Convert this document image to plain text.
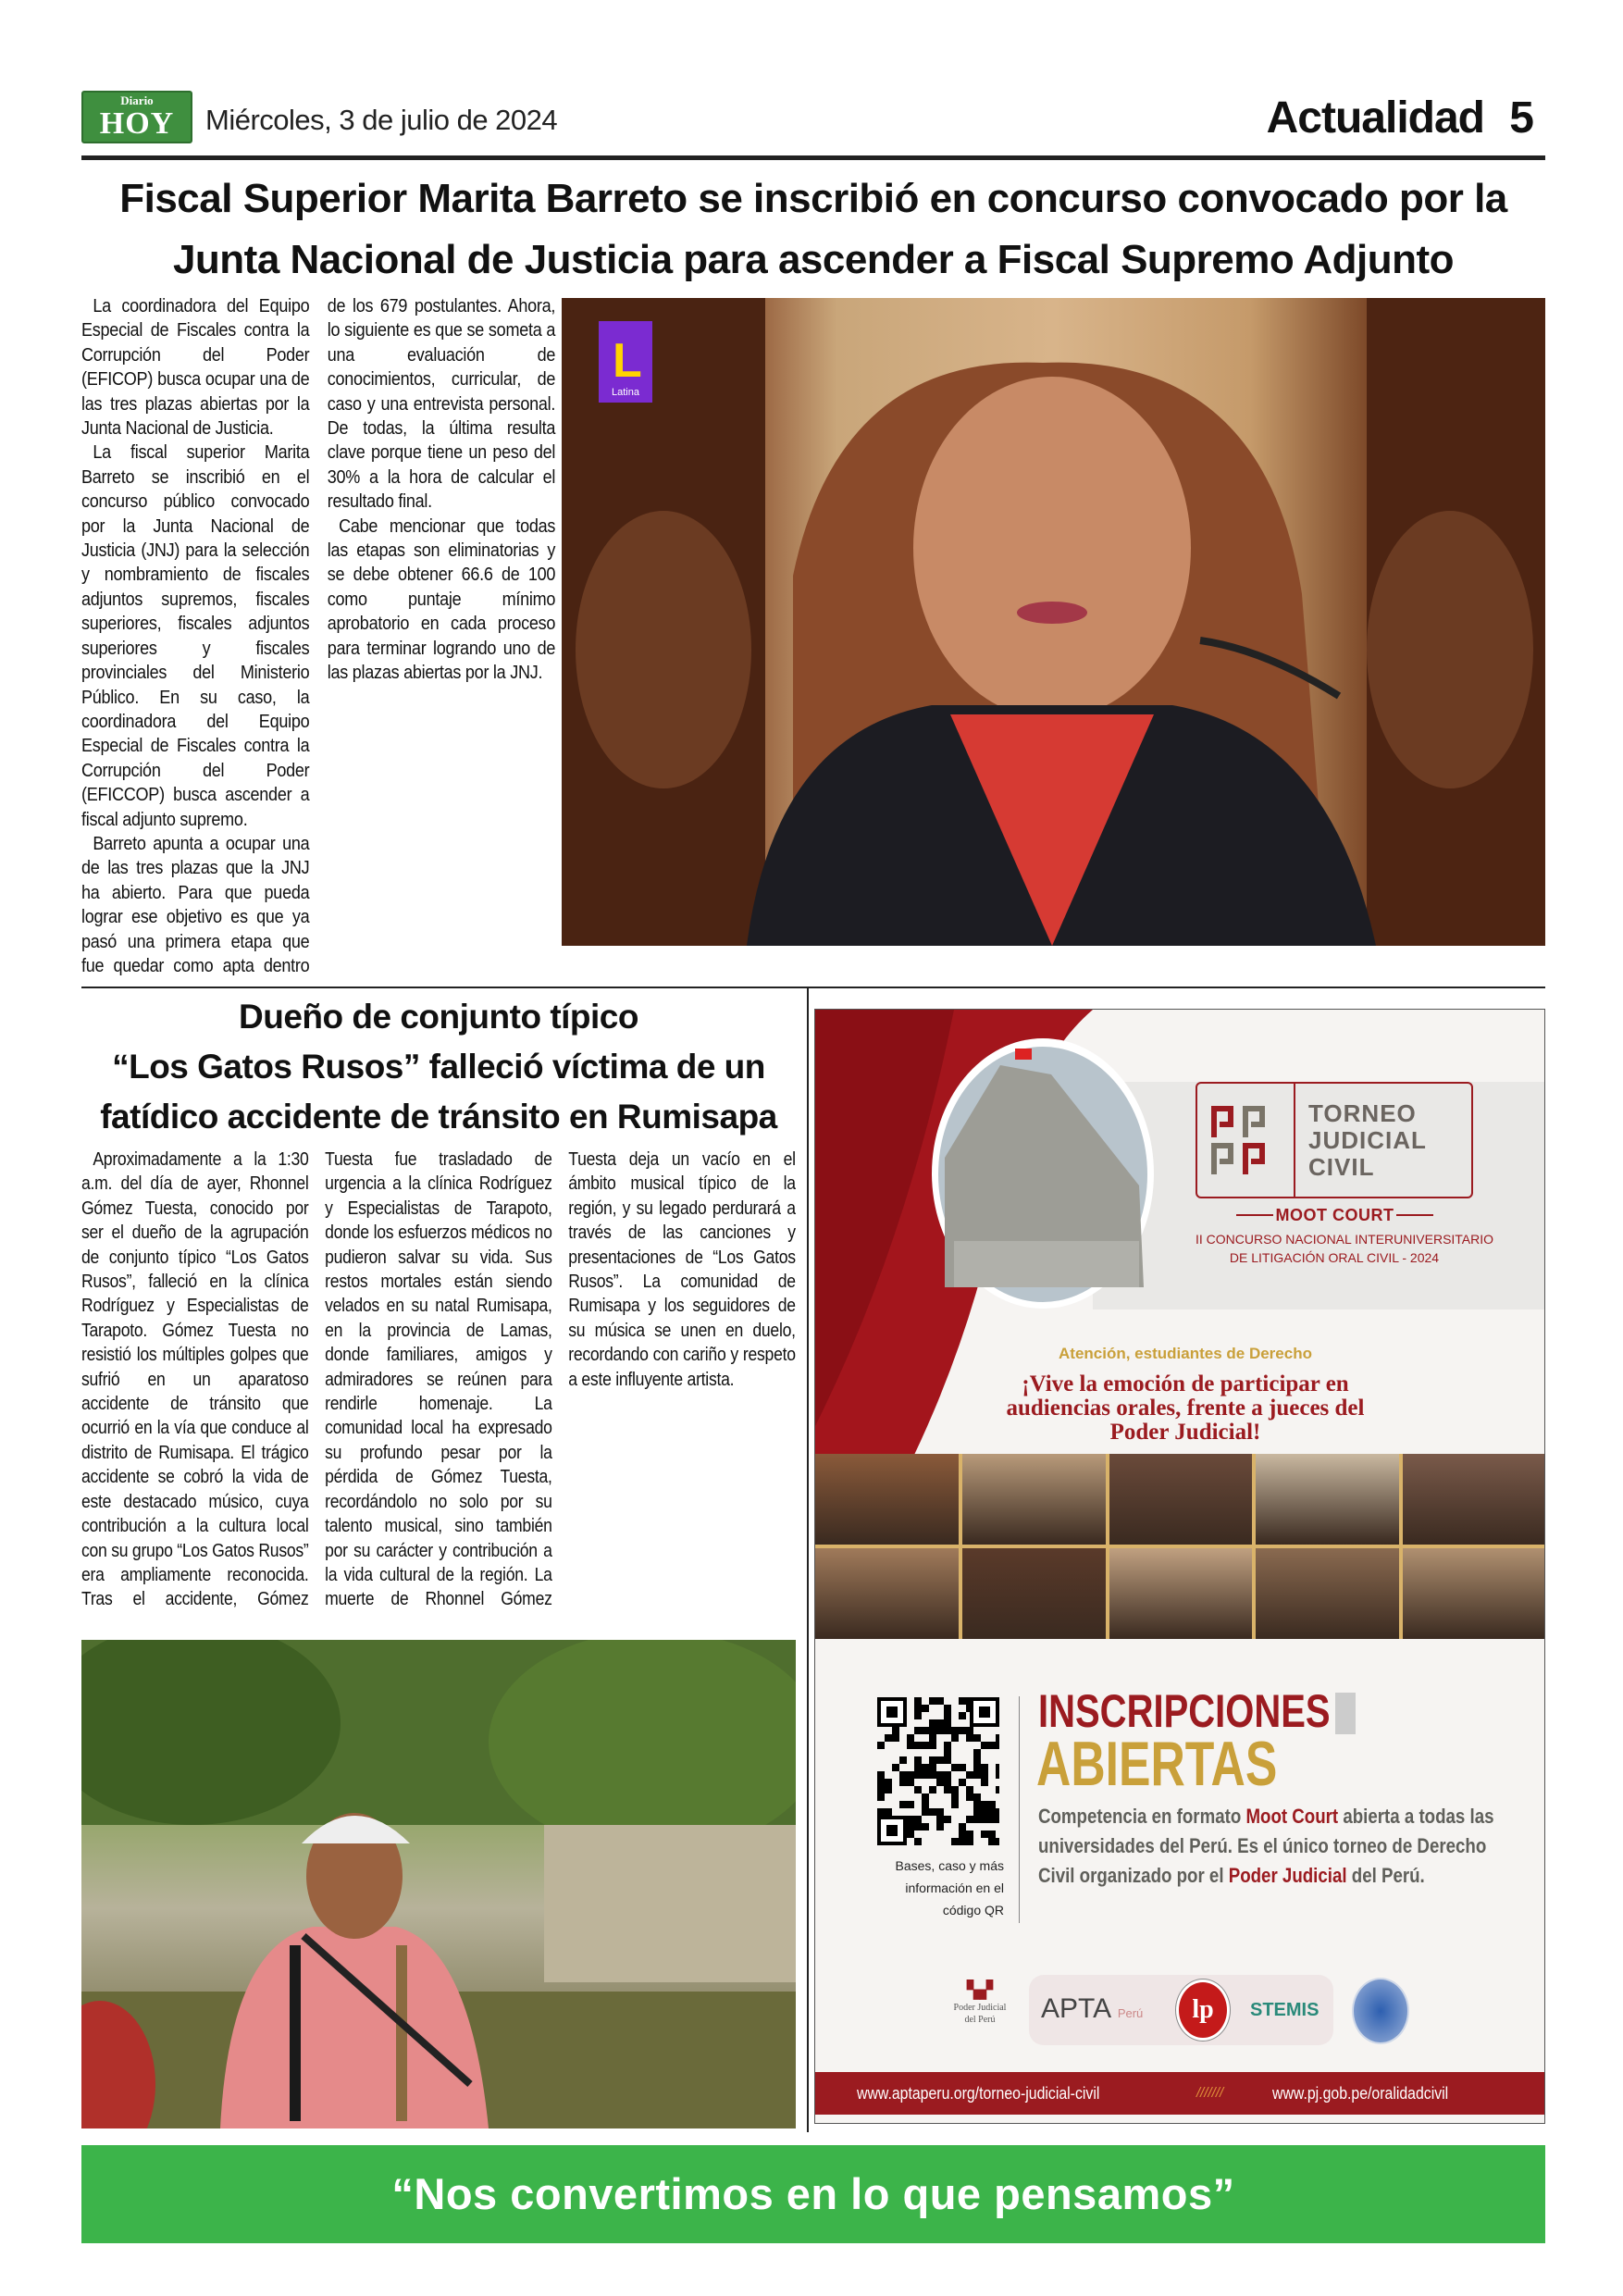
Diario
HOY	Miércoles, 3 de julio de 2024	Actualidad 5
Fiscal Superior Marita Barreto se inscribió en concurso convocado por la
Junta Nacional de Justicia para ascender a Fiscal Supremo Adjunto

La coordinadora del Equipo Especial de Fiscales contra la Corrupción del Poder (EFICOP) busca ocupar una de las tres plazas abiertas por la Junta Nacional de Justicia.

La fiscal superior Marita Barreto se inscribió en el concurso público convocado por la Junta Nacional de Justicia (JNJ) para la selección y nombramiento de fiscales adjuntos supremos, fiscales superiores, fiscales adjuntos superiores y fiscales provinciales del Ministerio Público. En su caso, la coordinadora del Equipo Especial de Fiscales contra la Corrupción del Poder (EFICCOP) busca ascender a fiscal adjunto supremo.

Barreto apunta a ocupar una de las tres plazas que la JNJ ha abierto. Para que pueda lograr ese objetivo es que ya pasó una primera etapa que fue quedar como apta dentro de los 679 postulantes. Ahora, lo siguiente es que se someta a una evaluación de conocimientos, curricular, de caso y una entrevista personal. De todas, la última resulta clave porque tiene un peso del 30% a la hora de calcular el resultado final.

Cabe mencionar que todas las etapas son eliminatorias y se debe obtener 66.6 de 100 como puntaje mínimo aprobatorio en cada proceso para terminar logrando uno de las plazas abiertas por la JNJ.

L
Latina
Dueño de conjunto típico
“Los Gatos Rusos” falleció víctima de un
fatídico accidente de tránsito en Rumisapa

Aproximadamente a la 1:30 a.m. del día de ayer, Rhonnel Gómez Tuesta, conocido por ser el dueño de la agrupación de conjunto típico “Los Gatos Rusos”, falleció en la clínica Rodríguez y Especialistas de Tarapoto. Gómez Tuesta no resistió los múltiples golpes que sufrió en un aparatoso accidente de tránsito que ocurrió en la vía que conduce al distrito de Rumisapa. El trágico accidente se cobró la vida de este destacado músico, cuya contribución a la cultura local con su grupo “Los Gatos Rusos” era ampliamente reconocida. Tras el accidente, Gómez Tuesta fue trasladado de urgencia a la clínica Rodríguez y Especialistas de Tarapoto, donde los esfuerzos médicos no pudieron salvar su vida. Sus restos mortales están siendo velados en su natal Rumisapa, en la provincia de Lamas, donde familiares, amigos y admiradores se reúnen para rendirle homenaje. La comunidad local ha expresado su profundo pesar por la pérdida de Gómez Tuesta, recordándolo no solo por su talento musical, sino también por su carácter y contribución a la vida cultural de la región. La muerte de Rhonnel Gómez Tuesta deja un vacío en el ámbito musical típico de la región, y su legado perdurará a través de las canciones y presentaciones de “Los Gatos Rusos”. La comunidad de Rumisapa y los seguidores de su música se unen en duelo, recordando con cariño y respeto a este influyente artista.

TORNEO
JUDICIAL
CIVIL
MOOT COURT
II CONCURSO NACIONAL INTERUNIVERSITARIO
DE LITIGACIÓN ORAL CIVIL - 2024
Atención, estudiantes de Derecho
¡Vive la emoción de participar en
audiencias orales, frente a jueces del
Poder Judicial!
Bases, caso y más
información en el
código QR
INSCRIPCIONES
ABIERTAS
Competencia en formato Moot Court abierta a todas las universidades del Perú. Es el único torneo de Derecho Civil organizado por el Poder Judicial del Perú.
▚▞
Poder Judicial
del Perú	APTA Perú	lp	STEMIS
www.aptaperu.org/torneo-judicial-civil	///////	www.pj.gob.pe/oralidadcivil
“Nos convertimos en lo que pensamos”
